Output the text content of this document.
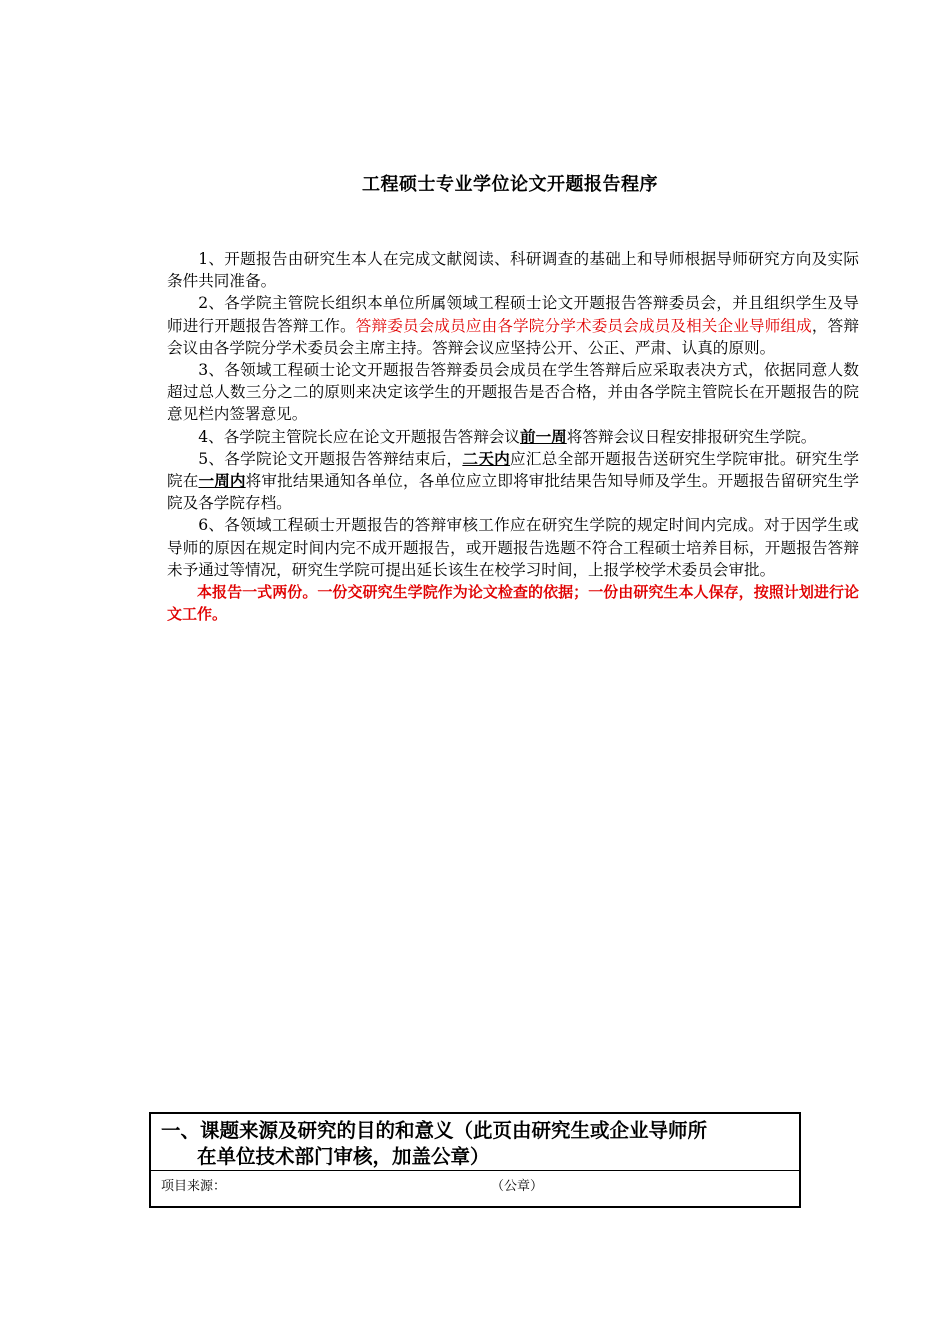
工程硕士专业学位论文开题报告程序

1、开题报告由研究生本人在完成文献阅读、科研调查的基础上和导师根据导师研究方向及实际条件共同准备。

2、各学院主管院长组织本单位所属领域工程硕士论文开题报告答辩委员会，并且组织学生及导师进行开题报告答辩工作。答辩委员会成员应由各学院分学术委员会成员及相关企业导师组成，答辩会议由各学院分学术委员会主席主持。答辩会议应坚持公开、公正、严肃、认真的原则。

3、各领域工程硕士论文开题报告答辩委员会成员在学生答辩后应采取表决方式，依据同意人数超过总人数三分之二的原则来决定该学生的开题报告是否合格，并由各学院主管院长在开题报告的院意见栏内签署意见。

4、各学院主管院长应在论文开题报告答辩会议前一周将答辩会议日程安排报研究生学院。

5、各学院论文开题报告答辩结束后，二天内应汇总全部开题报告送研究生学院审批。研究生学院在一周内将审批结果通知各单位，各单位应立即将审批结果告知导师及学生。开题报告留研究生学院及各学院存档。

6、各领域工程硕士开题报告的答辩审核工作应在研究生学院的规定时间内完成。对于因学生或导师的原因在规定时间内完不成开题报告，或开题报告选题不符合工程硕士培养目标，开题报告答辩未予通过等情况，研究生学院可提出延长该生在校学习时间，上报学校学术委员会审批。

本报告一式两份。一份交研究生学院作为论文检查的依据；一份由研究生本人保存，按照计划进行论文工作。

一、课题来源及研究的目的和意义（此页由研究生或企业导师所
在单位技术部门审核，加盖公章）
项目来源：	（公章）
